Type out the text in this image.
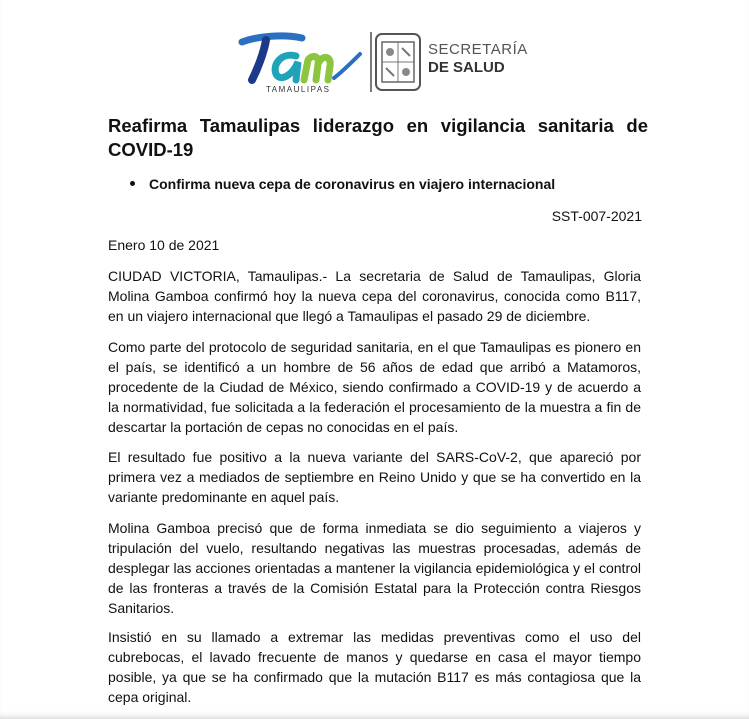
TAMAULIPAS
SECRETARÍA
DE SALUD
Reafirma Tamaulipas liderazgo en vigilancia sanitaria de COVID-19
Confirma nueva cepa de coronavirus en viajero internacional
SST-007-2021
Enero 10 de 2021

CIUDAD VICTORIA, Tamaulipas.- La secretaria de Salud de Tamaulipas, Gloria Molina Gamboa confirmó hoy la nueva cepa del coronavirus, conocida como B117, en un viajero internacional que llegó a Tamaulipas el pasado 29 de diciembre.

Como parte del protocolo de seguridad sanitaria, en el que Tamaulipas es pionero en el país, se identificó a un hombre de 56 años de edad que arribó a Matamoros, procedente de la Ciudad de México, siendo confirmado a COVID-19 y de acuerdo a la normatividad, fue solicitada a la federación el procesamiento de la muestra a fin de descartar la portación de cepas no conocidas en el país.

El resultado fue positivo a la nueva variante del SARS-CoV-2, que apareció por primera vez a mediados de septiembre en Reino Unido y que se ha convertido en la variante predominante en aquel país.

Molina Gamboa precisó que de forma inmediata se dio seguimiento a viajeros y tripulación del vuelo, resultando negativas las muestras procesadas, además de desplegar las acciones orientadas a mantener la vigilancia epidemiológica y el control de las fronteras a través de la Comisión Estatal para la Protección contra Riesgos Sanitarios.

Insistió en su llamado a extremar las medidas preventivas como el uso del cubrebocas, el lavado frecuente de manos y quedarse en casa el mayor tiempo posible, ya que se ha confirmado que la mutación B117 es más contagiosa que la cepa original.
